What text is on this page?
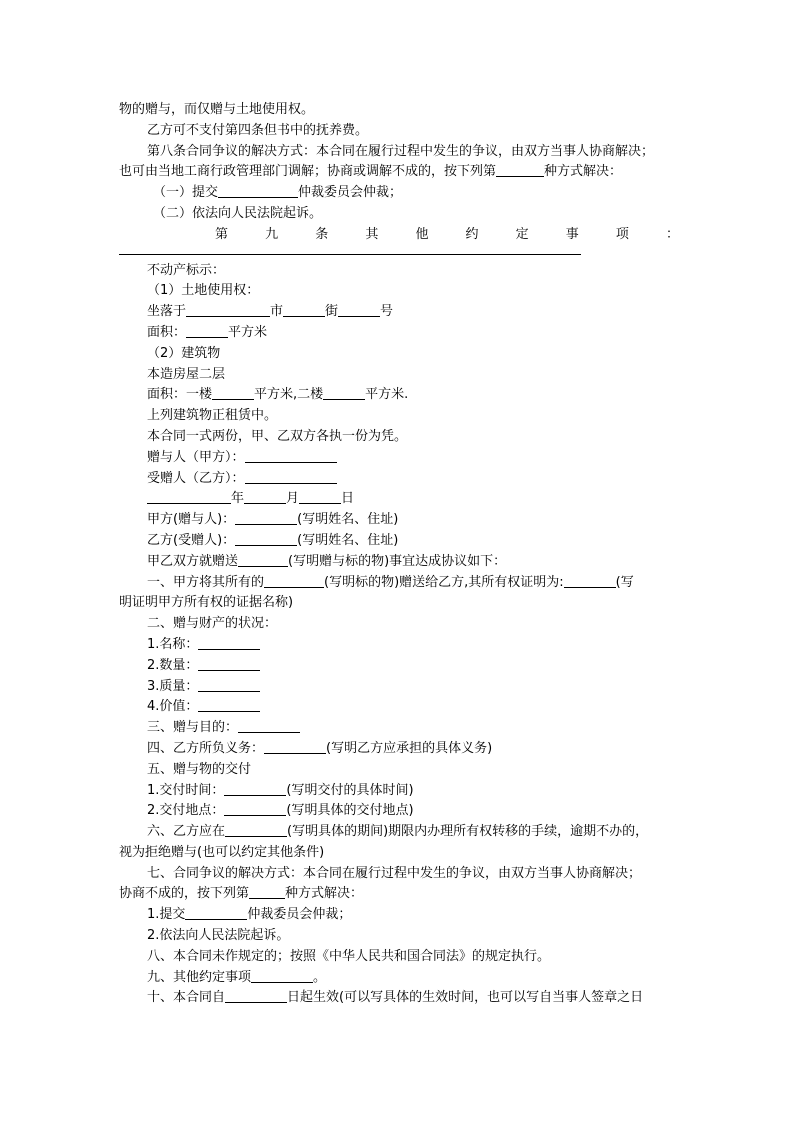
物的赠与，而仅赠与土地使用权。

乙方可不支付第四条但书中的抚养费。

第八条合同争议的解决方式：本合同在履行过程中发生的争议，由双方当事人协商解决；

也可由当地工商行政管理部门调解；协商或调解不成的，按下列第	种方式解决：

（一）提交	仲裁委员会仲裁；

（二）依法向人民法院起诉。

第	九	条	其	他	约	定	事	项	：

不动产标示：

（1）土地使用权：

坐落于	市	街	号

面积：	平方米

（2）建筑物

本造房屋二层

面积：一楼	平方米,二楼	平方米.

上列建筑物正租赁中。

本合同一式两份，甲、乙双方各执一份为凭。

赠与人（甲方）：

受赠人（乙方）：

年	月	日

甲方(赠与人)：	(写明姓名、住址)

乙方(受赠人)：	(写明姓名、住址)

甲乙双方就赠送	(写明赠与标的物)事宜达成协议如下：

一、甲方将其所有的	(写明标的物)赠送给乙方,其所有权证明为:	(写

明证明甲方所有权的证据名称)

二、赠与财产的状况：

1.名称：

2.数量：

3.质量：

4.价值：

三、赠与目的：

四、乙方所负义务：	(写明乙方应承担的具体义务)

五、赠与物的交付

1.交付时间：	(写明交付的具体时间)

2.交付地点：	(写明具体的交付地点)

六、乙方应在	(写明具体的期间)期限内办理所有权转移的手续，逾期不办的，

视为拒绝赠与(也可以约定其他条件)

七、合同争议的解决方式：本合同在履行过程中发生的争议，由双方当事人协商解决；

协商不成的，按下列第	种方式解决：

1.提交	仲裁委员会仲裁；

2.依法向人民法院起诉。

八、本合同未作规定的；按照《中华人民共和国合同法》的规定执行。

九、其他约定事项	。

十、本合同自	日起生效(可以写具体的生效时间，也可以写自当事人签章之日
